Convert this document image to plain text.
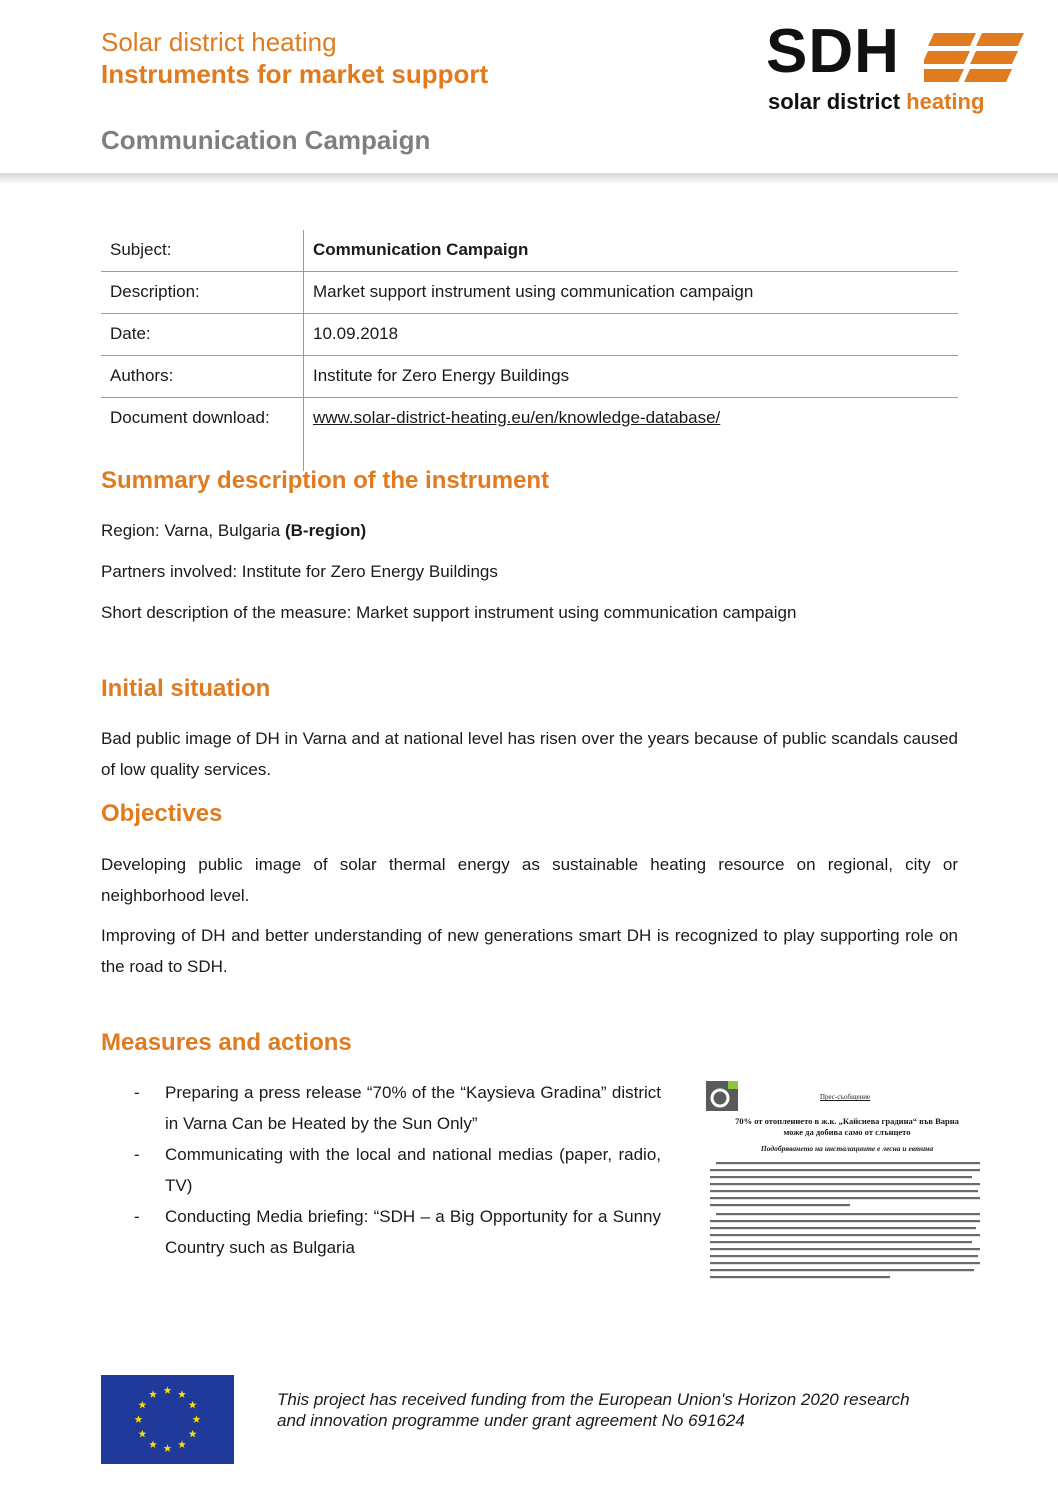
Solar district heating
Instruments for market support
Communication Campaign
SDH
solar district heating
Subject:	Communication Campaign
Description:	Market support instrument using communication campaign
Date:	10.09.2018
Authors:	Institute for Zero Energy Buildings
Document download:	www.solar-district-heating.eu/en/knowledge-database/
Summary description of the instrument
Region: Varna, Bulgaria (B-region)
Partners involved: Institute for Zero Energy Buildings
Short description of the measure: Market support instrument using communication campaign
Initial situation
Bad public image of DH in Varna and at national level has risen over the years because of public scandals caused of low quality services.
Objectives
Developing public image of solar thermal energy as sustainable heating resource on regional, city or neighborhood level.
Improving of DH and better understanding of new generations smart DH is recognized to play supporting role on the road to SDH.
Measures and actions
-	Preparing a press release “70% of the “Kaysieva Gradina” district in Varna Can be Heated by the Sun Only”
-	Communicating with the local and national medias (paper, radio, TV)
-	Conducting Media briefing: “SDH – a Big Opportunity for a Sunny Country such as Bulgaria
Прес-съобщение
70% от отоплението в ж.к. „Кайсиева градина“ във Варна
може да добива само от слънцето
Подобряването на инсталациите е лесна и евтина
This project has received funding from the European Union's Horizon 2020 research
and innovation programme under grant agreement No 691624
